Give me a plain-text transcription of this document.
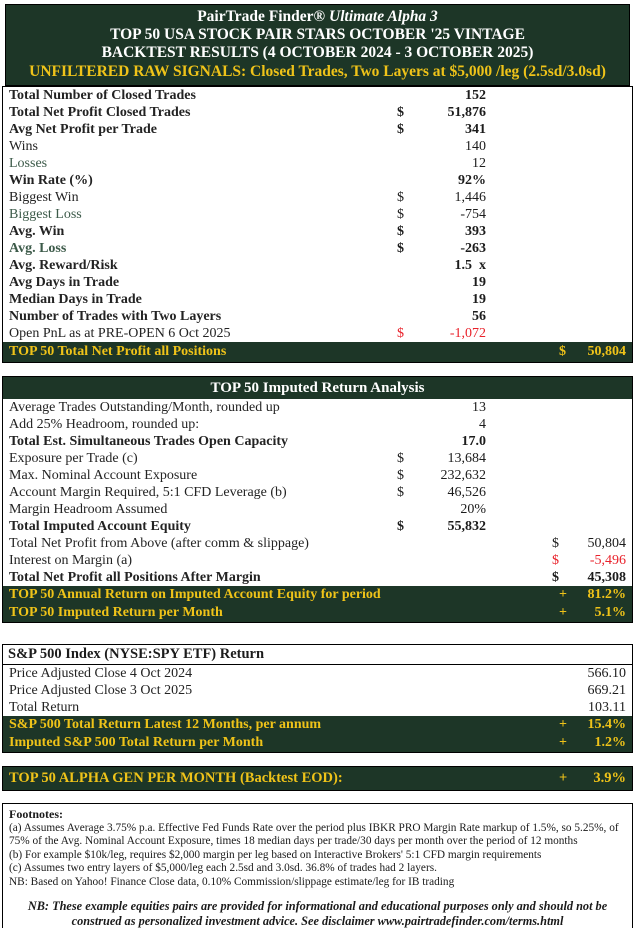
PairTrade Finder® Ultimate Alpha 3
TOP 50 USA STOCK PAIR STARS OCTOBER '25 VINTAGE
BACKTEST RESULTS (4 OCTOBER 2024 - 3 OCTOBER 2025)
UNFILTERED RAW SIGNALS: Closed Trades, Two Layers at $5,000 /leg (2.5sd/3.0sd)
Total Number of Closed Trades	152
Total Net Profit Closed Trades	$	51,876
Avg Net Profit per Trade	$	341
Wins	140
Losses	12
Win Rate (%)	92%
Biggest Win	$	1,446
Biggest Loss	$	-754
Avg. Win	$	393
Avg. Loss	$	-263
Avg. Reward/Risk	1.5  x
Avg Days in Trade	19
Median Days in Trade	19
Number of Trades with Two Layers	56
Open PnL as at PRE-OPEN 6 Oct 2025	$	-1,072
TOP 50 Total Net Profit all Positions	$ 50,804
TOP 50 Imputed Return Analysis
Average Trades Outstanding/Month, rounded up	13
Add 25% Headroom, rounded up:	4
Total Est. Simultaneous Trades Open Capacity	17.0
Exposure per Trade (c)	$	13,684
Max. Nominal Account Exposure	$	232,632
Account Margin Required, 5:1 CFD Leverage (b)	$	46,526
Margin Headroom Assumed	20%
Total Imputed Account Equity	$	55,832
Total Net Profit from Above (after comm & slippage)	$ 50,804
Interest on Margin (a)	$ -5,496
Total Net Profit all Positions After Margin	$ 45,308
TOP 50 Annual Return on Imputed Account Equity for period	+ 81.2%
TOP 50 Imputed Return per Month	+ 5.1%
S&P 500 Index (NYSE:SPY ETF) Return
Price Adjusted Close 4 Oct 2024	566.10
Price Adjusted Close 3 Oct 2025	669.21
Total Return	103.11
S&P 500 Total Return Latest 12 Months, per annum	+ 15.4%
Imputed S&P 500 Total Return per Month	+ 1.2%
TOP 50 ALPHA GEN PER MONTH (Backtest EOD):	+ 3.9%
Footnotes:
(a) Assumes Average 3.75% p.a. Effective Fed Funds Rate over the period plus IBKR PRO Margin Rate markup of 1.5%, so 5.25%, of 75% of the Avg. Nominal Account Exposure, times 18 median days per trade/30 days per month over the period of 12 months
(b) For example $10k/leg, requires $2,000 margin per leg based on Interactive Brokers' 5:1 CFD margin requirements
(c) Assumes two entry layers of $5,000/leg each 2.5sd and 3.0sd. 36.8% of trades had 2 layers.
NB: Based on Yahoo! Finance Close data, 0.10% Commission/slippage estimate/leg for IB trading
NB: These example equities pairs are provided for informational and educational purposes only and should not be construed as personalized investment advice. See disclaimer www.pairtradefinder.com/terms.html
